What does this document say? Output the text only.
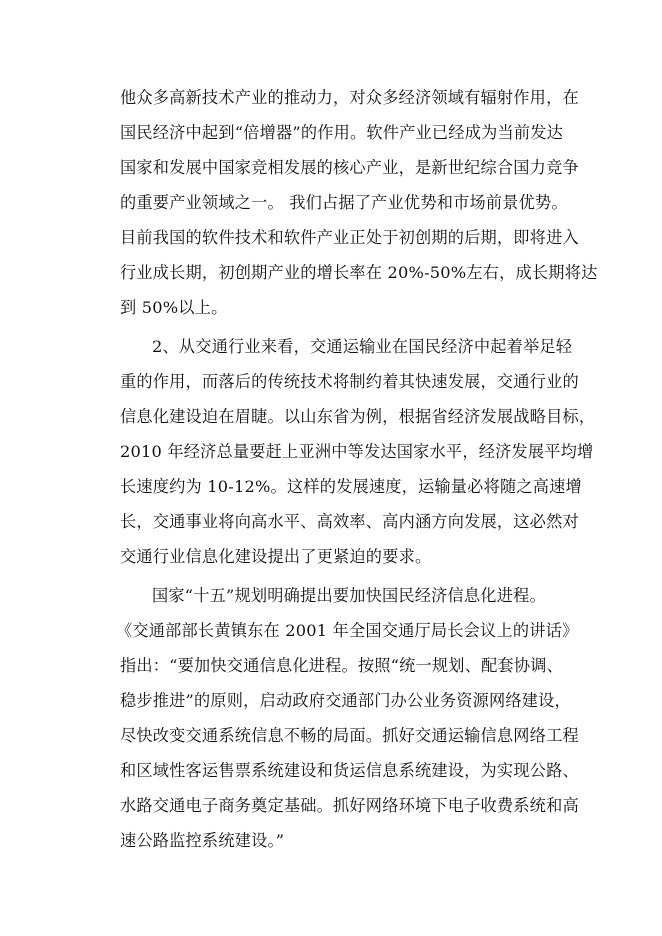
他众多高新技术产业的推动力，对众多经济领域有辐射作用，在
国民经济中起到“倍增器”的作用。软件产业已经成为当前发达
国家和发展中国家竞相发展的核心产业，是新世纪综合国力竞争
的重要产业领域之一。 我们占据了产业优势和市场前景优势。
目前我国的软件技术和软件产业正处于初创期的后期，即将进入
行业成长期，初创期产业的增长率在 20%-50%左右，成长期将达
到 50%以上。
2、从交通行业来看，交通运输业在国民经济中起着举足轻
重的作用，而落后的传统技术将制约着其快速发展，交通行业的
信息化建设迫在眉睫。以山东省为例，根据省经济发展战略目标，
2010 年经济总量要赶上亚洲中等发达国家水平，经济发展平均增
长速度约为 10-12%。这样的发展速度，运输量必将随之高速增
长，交通事业将向高水平、高效率、高内涵方向发展，这必然对
交通行业信息化建设提出了更紧迫的要求。
国家“十五”规划明确提出要加快国民经济信息化进程。
《交通部部长黄镇东在 2001 年全国交通厅局长会议上的讲话》
指出：“要加快交通信息化进程。按照“统一规划、配套协调、
稳步推进”的原则，启动政府交通部门办公业务资源网络建设，
尽快改变交通系统信息不畅的局面。抓好交通运输信息网络工程
和区域性客运售票系统建设和货运信息系统建设，为实现公路、
水路交通电子商务奠定基础。抓好网络环境下电子收费系统和高
速公路监控系统建设。”
